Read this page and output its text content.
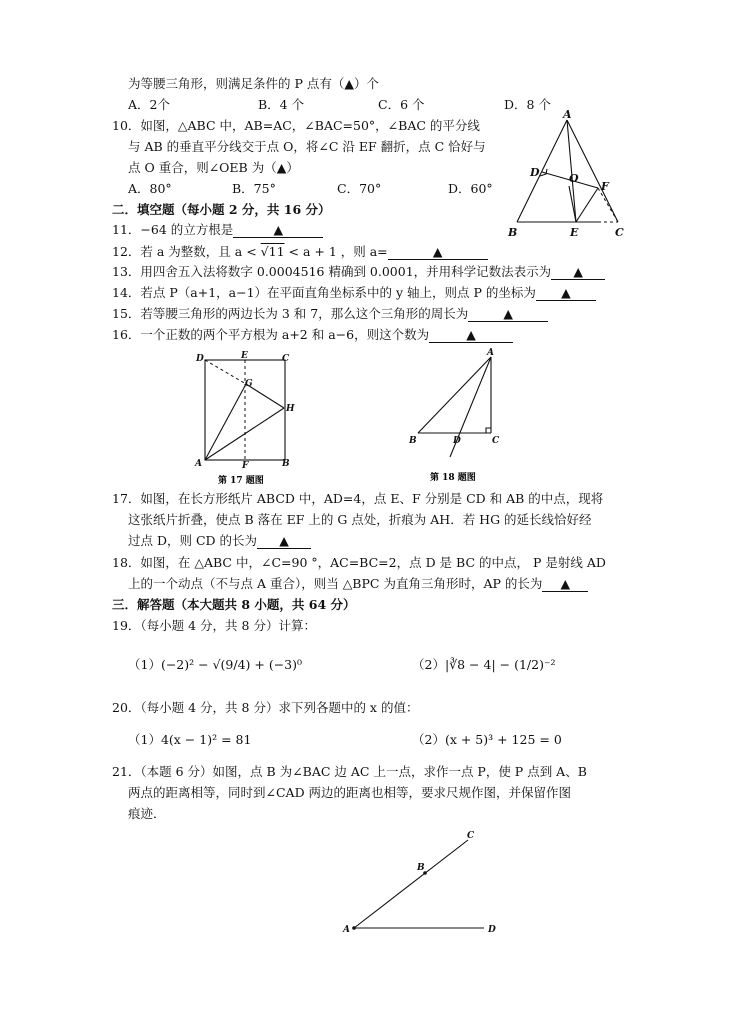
为等腰三角形，则满足条件的 P 点有（▲）个
A．2个	B．4 个	C．6 个	D．8 个
10．如图，△ABC 中，AB=AC，∠BAC=50°，∠BAC 的平分线
与 AB 的垂直平分线交于点 O，将∠C 沿 EF 翻折，点 C 恰好与
点 O 重合，则∠OEB 为（▲）
A．80°	B．75°	C．70°	D．60°
A
D	O
F
B	E	C
二．填空题（每小题 2 分，共 16 分）
11．−64 的立方根是	▲
12．若 a 为整数，且 a < √11 < a + 1 ，则 a=	▲
13．用四舍五入法将数字 0.0004516 精确到 0.0001，并用科学记数法表示为 ▲
14．若点 P（a+1，a−1）在平面直角坐标系中的 y 轴上，则点 P 的坐标为 ▲
15．若等腰三角形的两边长为 3 和 7，那么这个三角形的周长为	▲
16．一个正数的两个平方根为 a+2 和 a−6，则这个数为	▲
D	E	C
G
H
A	F	B
第 17 题图
A
B	D	C
第 18 题图
17．如图，在长方形纸片 ABCD 中，AD=4，点 E、F 分别是 CD 和 AB 的中点，现将
这张纸片折叠，使点 B 落在 EF 上的 G 点处，折痕为 AH．若 HG 的延长线恰好经
过点 D，则 CD 的长为 ▲
18．如图，在 △ABC 中，∠C=90 °，AC=BC=2，点 D 是 BC 的中点， P 是射线 AD
上的一个动点（不与点 A 重合），则当 △BPC 为直角三角形时，AP 的长为 ▲
三．解答题（本大题共 8 小题，共 64 分）
19．（每小题 4 分，共 8 分）计算：
（1）(−2)² − √(9/4) + (−3)⁰	（2）|∛8 − 4| − (1/2)⁻²
20．（每小题 4 分，共 8 分）求下列各题中的 x 的值：
（1）4(x − 1)² = 81	（2）(x + 5)³ + 125 = 0
21．（本题 6 分）如图，点 B 为∠BAC 边 AC 上一点，求作一点 P，使 P 点到 A、B
两点的距离相等，同时到∠CAD 两边的距离也相等，要求尺规作图，并保留作图
痕迹．
C
B
A	D
